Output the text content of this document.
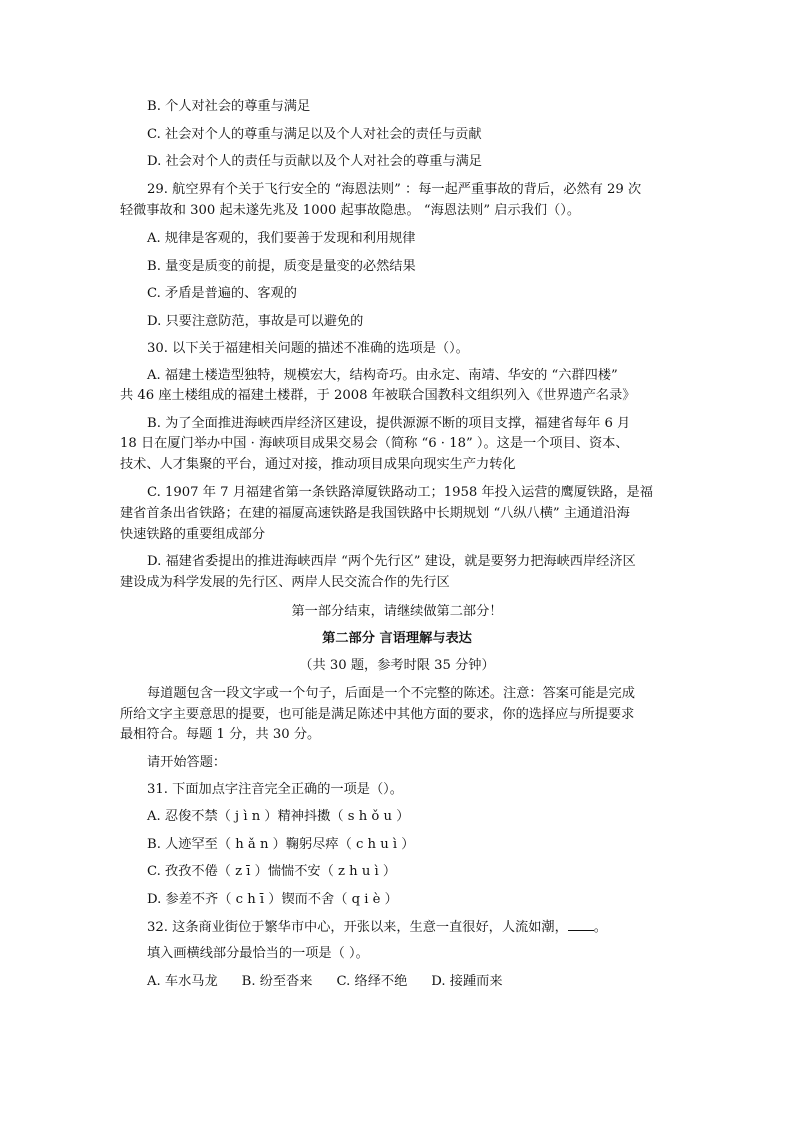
B. 个人对社会的尊重与满足
C. 社会对个人的尊重与满足以及个人对社会的责任与贡献
D. 社会对个人的责任与贡献以及个人对社会的尊重与满足
29. 航空界有个关于飞行安全的 “海恩法则” ：每一起严重事故的背后，必然有 29 次
轻微事故和 300 起未遂先兆及 1000 起事故隐患。 “海恩法则” 启示我们（）。
A. 规律是客观的，我们要善于发现和利用规律
B. 量变是质变的前提，质变是量变的必然结果
C. 矛盾是普遍的、客观的
D. 只要注意防范，事故是可以避免的
30. 以下关于福建相关问题的描述不准确的选项是（）。
A. 福建土楼造型独特，规模宏大，结构奇巧。由永定、南靖、华安的 “六群四楼”
共 46 座土楼组成的福建土楼群，于 2008 年被联合国教科文组织列入《世界遗产名录》
B. 为了全面推进海峡西岸经济区建设，提供源源不断的项目支撑，福建省每年 6 月
18 日在厦门举办中国 · 海峡项目成果交易会（简称 “6 · 18” ）。这是一个项目、资本、
技术、人才集聚的平台，通过对接，推动项目成果向现实生产力转化
C. 1907 年 7 月福建省第一条铁路漳厦铁路动工；1958 年投入运营的鹰厦铁路，是福
建省首条出省铁路；在建的福厦高速铁路是我国铁路中长期规划 “八纵八横” 主通道沿海
快速铁路的重要组成部分
D. 福建省委提出的推进海峡西岸 “两个先行区” 建设，就是要努力把海峡西岸经济区
建设成为科学发展的先行区、两岸人民交流合作的先行区
第一部分结束，请继续做第二部分！
第二部分 言语理解与表达
（共 30 题，参考时限 35 分钟）
每道题包含一段文字或一个句子，后面是一个不完整的陈述。注意：答案可能是完成
所给文字主要意思的提要，也可能是满足陈述中其他方面的要求，你的选择应与所提要求
最相符合。每题 1 分，共 30 分。
请开始答题：
31. 下面加点字注音完全正确的一项是（）。
A. 忍俊不禁（ j ì n ）精神抖擞（ s h ǒ u ）
B. 人迹罕至（ h ǎ n ）鞠躬尽瘁（ c h u ì ）
C. 孜孜不倦（ z ī ）惴惴不安（ z h u ì ）
D. 参差不齐（ c h ī ）锲而不舍（ q i è ）
32. 这条商业街位于繁华市中心，开张以来，生意一直很好，人流如潮， 。
填入画横线部分最恰当的一项是（ ）。
A. 车水马龙 B. 纷至沓来 C. 络绎不绝 D. 接踵而来
